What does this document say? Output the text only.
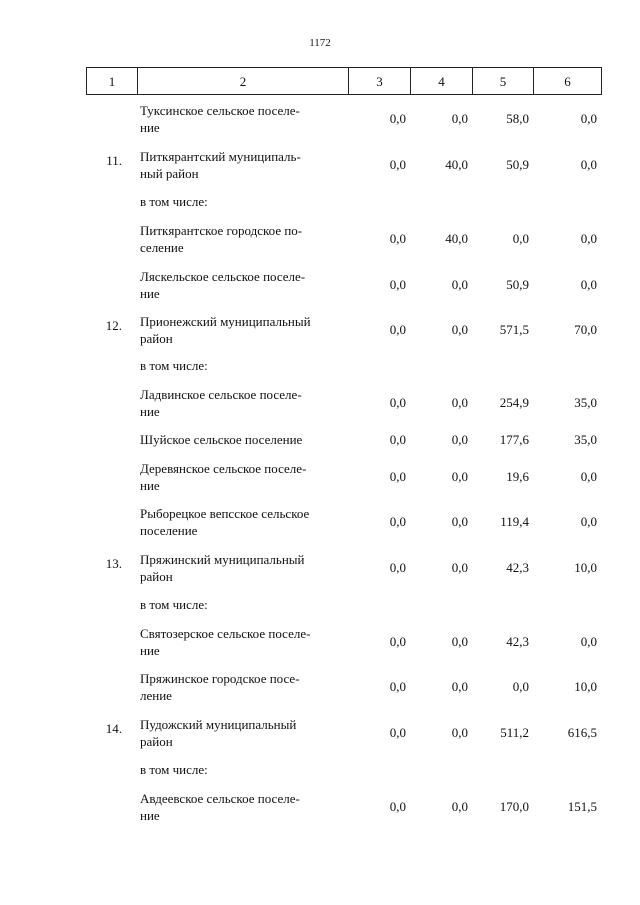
1172
1	2	3	4	5	6
Туксинское сельское поселе-
ние
0,0	0,0	58,0	0,0
11.	Питкярантский муниципаль-
ный район
0,0	40,0	50,9	0,0
в том числе:
Питкярантское городское по-
селение
0,0	40,0	0,0	0,0
Ляскельское сельское поселе-
ние
0,0	0,0	50,9	0,0
12.	Прионежский муниципальный
район
0,0	0,0	571,5	70,0
в том числе:
Ладвинское сельское поселе-
ние
0,0	0,0	254,9	35,0
Шуйское сельское поселение	0,0	0,0	177,6	35,0
Деревянское сельское поселе-
ние
0,0	0,0	19,6	0,0
Рыборецкое вепсское сельское
поселение
0,0	0,0	119,4	0,0
13.	Пряжинский муниципальный
район
0,0	0,0	42,3	10,0
в том числе:
Святозерское сельское поселе-
ние
0,0	0,0	42,3	0,0
Пряжинское городское посе-
ление
0,0	0,0	0,0	10,0
14.	Пудожский муниципальный
район
0,0	0,0	511,2	616,5
в том числе:
Авдеевское сельское поселе-
ние
0,0	0,0	170,0	151,5
